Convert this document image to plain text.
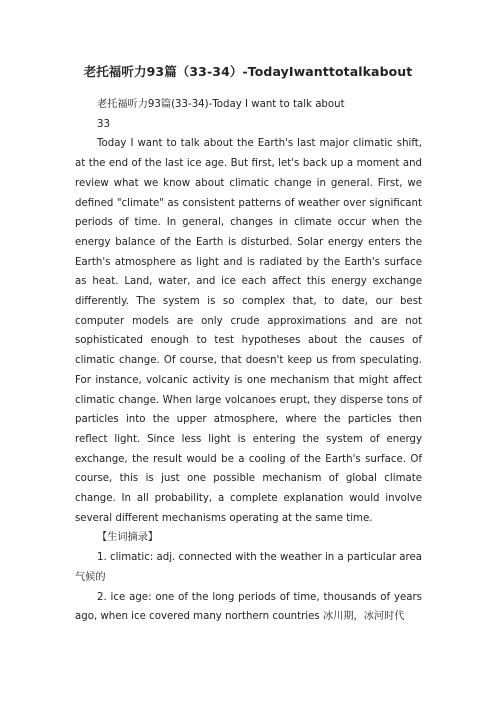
老托福听力93篇（33-34）-TodayIwanttotalkabout

老托福听力93篇(33-34)-Today I want to talk about

33

Today I want to talk about the Earth's last major climatic shift, at the end of the last ice age. But first, let's back up a moment and review what we know about climatic change in general. First, we defined "climate" as consistent patterns of weather over significant periods of time. In general, changes in climate occur when the energy balance of the Earth is disturbed. Solar energy enters the Earth's atmosphere as light and is radiated by the Earth's surface as heat. Land, water, and ice each affect this energy exchange differently. The system is so complex that, to date, our best computer models are only crude approximations and are not sophisticated enough to test hypotheses about the causes of climatic change. Of course, that doesn't keep us from speculating. For instance, volcanic activity is one mechanism that might affect climatic change. When large volcanoes erupt, they disperse tons of particles into the upper atmosphere, where the particles then reflect light. Since less light is entering the system of energy exchange, the result would be a cooling of the Earth's surface. Of course, this is just one possible mechanism of global climate change. In all probability, a complete explanation would involve several different mechanisms operating at the same time.

【生词摘录】

1. climatic: adj. connected with the weather in a particular area 气候的

2. ice age: one of the long periods of time, thousands of years ago, when ice covered many northern countries 冰川期，冰河时代
